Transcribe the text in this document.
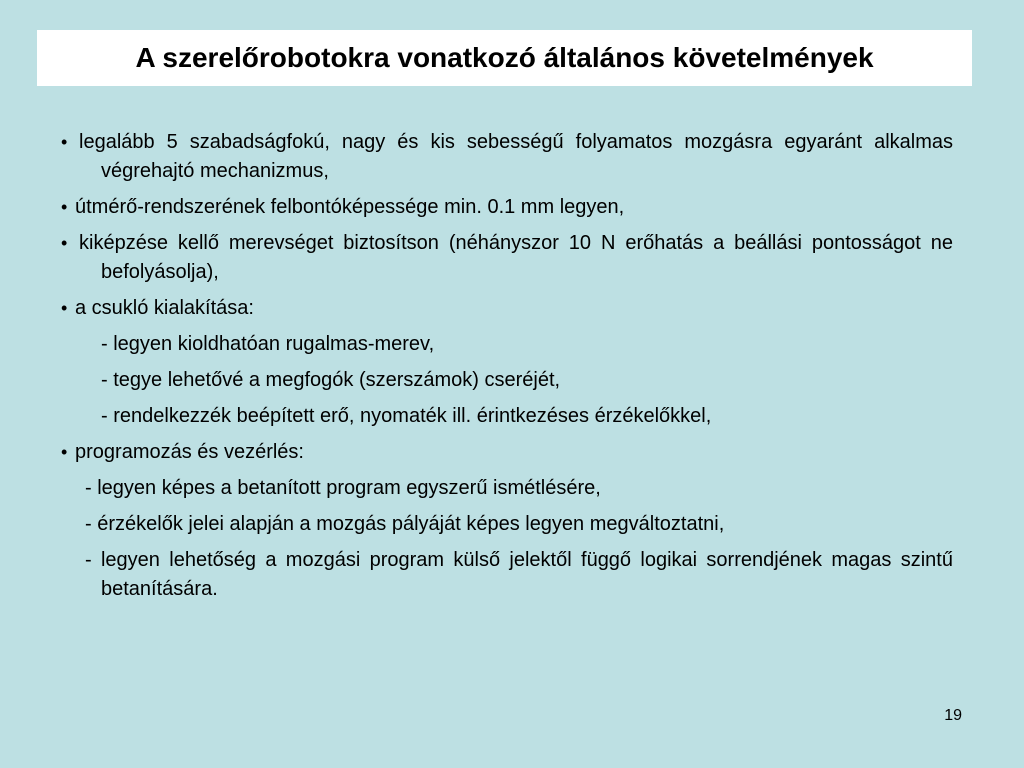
A szerelőrobotokra vonatkozó általános követelmények
• legalább 5 szabadságfokú, nagy és kis sebességű folyamatos mozgásra egyaránt alkalmas végrehajtó mechanizmus,
• útmérő-rendszerének felbontóképessége min. 0.1 mm legyen,
• kiképzése kellő merevséget biztosítson (néhányszor 10 N erőhatás a beállási pontosságot ne befolyásolja),
• a csukló kialakítása:
- legyen kioldhatóan rugalmas-merev,
- tegye lehetővé a megfogók (szerszámok) cseréjét,
- rendelkezzék beépített erő, nyomaték ill. érintkezéses érzékelőkkel,
• programozás és vezérlés:
- legyen képes a betanított program egyszerű ismétlésére,
- érzékelők jelei alapján a mozgás pályáját képes legyen megváltoztatni,
- legyen lehetőség a mozgási program külső jelektől függő logikai sorrendjének magas szintű betanítására.
19
